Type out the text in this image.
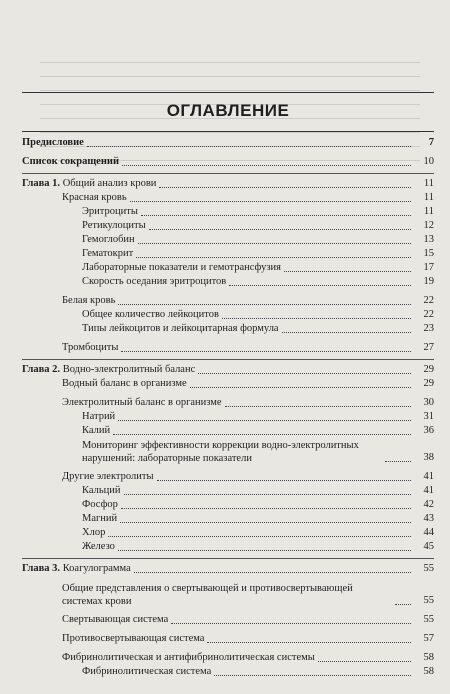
ОГЛАВЛЕНИЕ
Предисловие	7
Список сокращений	10
Глава 1. Общий анализ крови	11
Красная кровь	11
Эритроциты	11
Ретикулоциты	12
Гемоглобин	13
Гематокрит	15
Лабораторные показатели и гемотрансфузия	17
Скорость оседания эритроцитов	19
Белая кровь	22
Общее количество лейкоцитов	22
Типы лейкоцитов и лейкоцитарная формула	23
Тромбоциты	27
Глава 2. Водно-электролитный баланс	29
Водный баланс в организме	29
Электролитный баланс в организме	30
Натрий	31
Калий	36
Мониторинг эффективности коррекции водно-электролитных нарушений: лабораторные показатели	38
Другие электролиты	41
Кальций	41
Фосфор	42
Магний	43
Хлор	44
Железо	45
Глава 3. Коагулограмма	55
Общие представления о свертывающей и противосвертывающей системах крови	55
Свертывающая система	55
Противосвертывающая система	57
Фибринолитическая и антифибринолитическая системы	58
Фибринолитическая система	58
